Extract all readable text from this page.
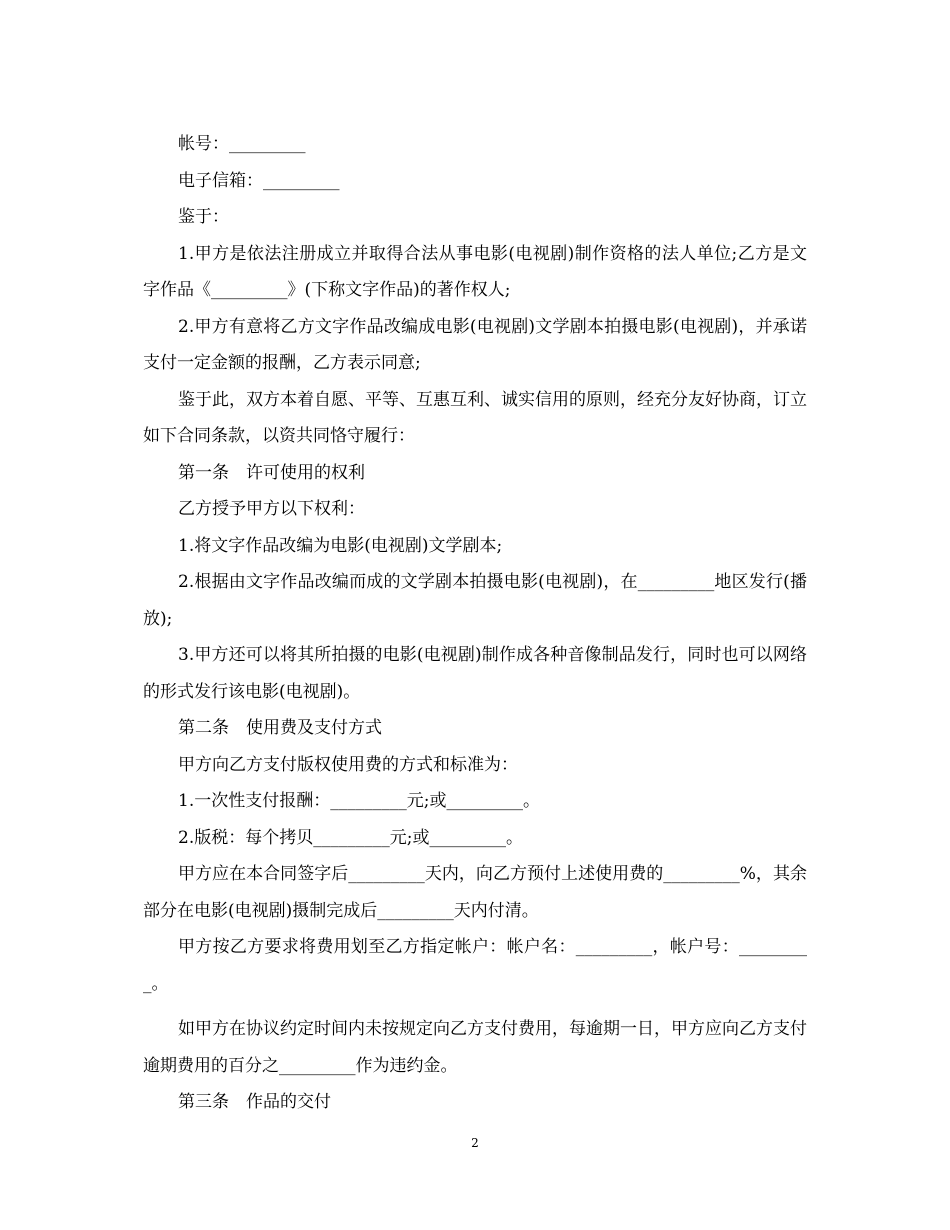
帐号：_________

电子信箱：_________

鉴于：

1.甲方是依法注册成立并取得合法从事电影(电视剧)制作资格的法人单位;乙方是文字作品《_________》(下称文字作品)的著作权人;

2.甲方有意将乙方文字作品改编成电影(电视剧)文学剧本拍摄电影(电视剧)，并承诺支付一定金额的报酬，乙方表示同意;

鉴于此，双方本着自愿、平等、互惠互利、诚实信用的原则，经充分友好协商，订立如下合同条款，以资共同恪守履行：

第一条　许可使用的权利

乙方授予甲方以下权利：

1.将文字作品改编为电影(电视剧)文学剧本;

2.根据由文字作品改编而成的文学剧本拍摄电影(电视剧)，在_________地区发行(播放);

3.甲方还可以将其所拍摄的电影(电视剧)制作成各种音像制品发行，同时也可以网络的形式发行该电影(电视剧)。

第二条　使用费及支付方式

甲方向乙方支付版权使用费的方式和标准为：

1.一次性支付报酬：_________元;或_________。

2.版税：每个拷贝_________元;或_________。

甲方应在本合同签字后_________天内，向乙方预付上述使用费的_________%，其余部分在电影(电视剧)摄制完成后_________天内付清。

甲方按乙方要求将费用划至乙方指定帐户：帐户名：_________，帐户号：_________。

如甲方在协议约定时间内未按规定向乙方支付费用，每逾期一日，甲方应向乙方支付逾期费用的百分之_________作为违约金。

第三条　作品的交付

2
